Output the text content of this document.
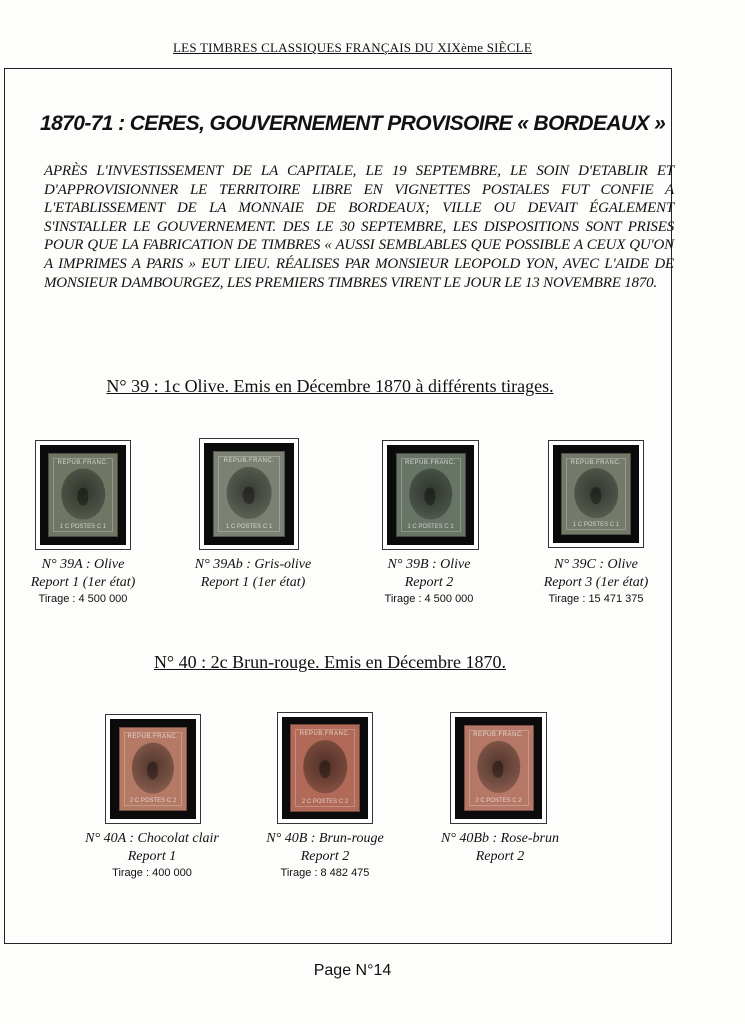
LES TIMBRES CLASSIQUES FRANÇAIS DU XIXème SIÈCLE
1870-71 : CERES, GOUVERNEMENT PROVISOIRE « BORDEAUX »
APRÈS L'INVESTISSEMENT DE LA CAPITALE, LE 19 SEPTEMBRE, LE SOIN D'ETABLIR ET D'APPROVISIONNER LE TERRITOIRE LIBRE EN VIGNETTES POSTALES FUT CONFIE A L'ETABLISSEMENT DE LA MONNAIE DE BORDEAUX; VILLE OU DEVAIT ÉGALEMENT S'INSTALLER LE GOUVERNEMENT. DES LE 30 SEPTEMBRE, LES DISPOSITIONS SONT PRISES POUR QUE LA FABRICATION DE TIMBRES « AUSSI SEMBLABLES QUE POSSIBLE A CEUX QU'ON A IMPRIMES A PARIS » EUT LIEU. RÉALISES PAR MONSIEUR LEOPOLD YON, AVEC L'AIDE DE MONSIEUR DAMBOURGEZ, LES PREMIERS TIMBRES VIRENT LE JOUR LE 13 NOVEMBRE 1870.
N° 39 : 1c Olive. Emis en Décembre 1870 à différents tirages.
REPUB.FRANC.
1 C POSTES C 1
N° 39A : Olive
Report 1 (1er état)
Tirage : 4 500 000
REPUB.FRANC.
1 C POSTES C 1
N° 39Ab : Gris-olive
Report 1 (1er état)
REPUB.FRANC.
1 C POSTES C 1
N° 39B : Olive
Report 2
Tirage : 4 500 000
REPUB.FRANC.
1 C POSTES C 1
N° 39C : Olive
Report 3 (1er état)
Tirage : 15 471 375
N° 40 : 2c Brun-rouge. Emis en Décembre 1870.
REPUB.FRANC.
2 C POSTES C 2
N° 40A : Chocolat clair
Report 1
Tirage : 400 000
REPUB.FRANC.
2 C POSTES C 2
N° 40B : Brun-rouge
Report 2
Tirage : 8 482 475
REPUB.FRANC.
2 C POSTES C 2
N° 40Bb : Rose-brun
Report 2
Page N°14
